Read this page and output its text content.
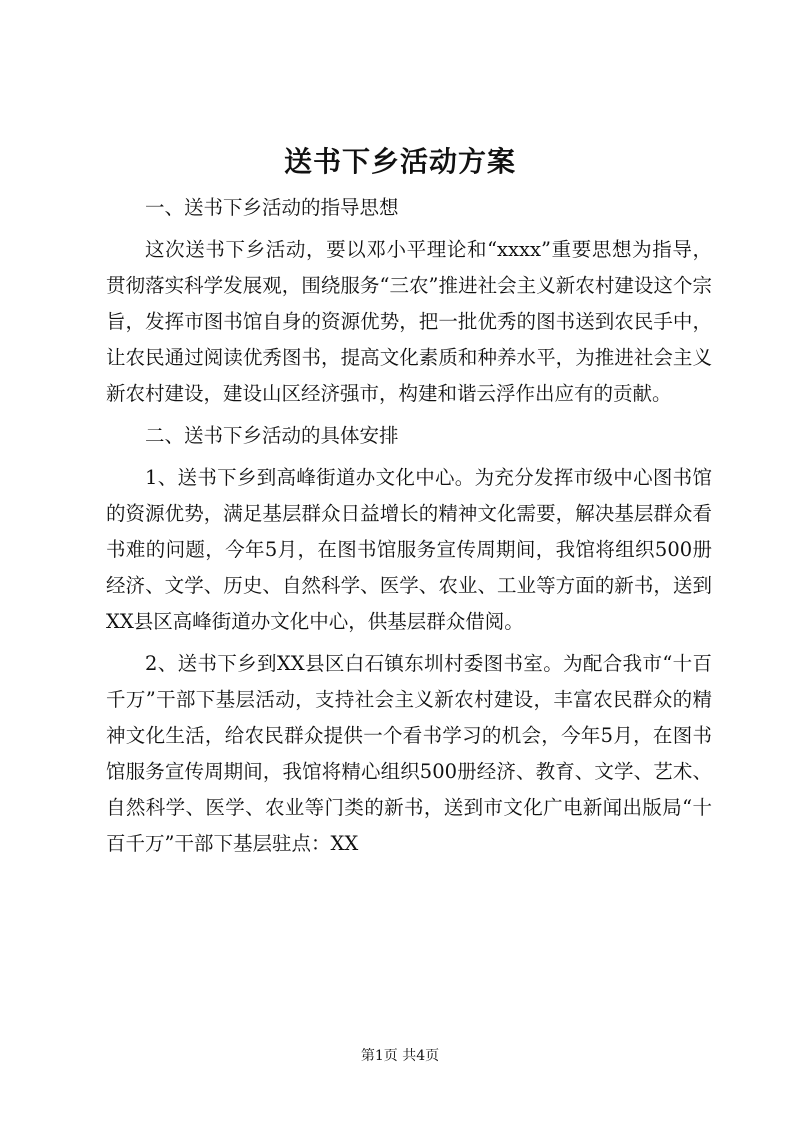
送书下乡活动方案

一、送书下乡活动的指导思想

这次送书下乡活动，要以邓小平理论和“xxxx”重要思想为指导，贯彻落实科学发展观，围绕服务“三农”推进社会主义新农村建设这个宗旨，发挥市图书馆自身的资源优势，把一批优秀的图书送到农民手中，让农民通过阅读优秀图书，提高文化素质和种养水平，为推进社会主义新农村建设，建设山区经济强市，构建和谐云浮作出应有的贡献。

二、送书下乡活动的具体安排

1、送书下乡到高峰街道办文化中心。为充分发挥市级中心图书馆的资源优势，满足基层群众日益增长的精神文化需要，解决基层群众看书难的问题，今年5月，在图书馆服务宣传周期间，我馆将组织500册经济、文学、历史、自然科学、医学、农业、工业等方面的新书，送到XX县区高峰街道办文化中心，供基层群众借阅。

2、送书下乡到XX县区白石镇东圳村委图书室。为配合我市“十百千万”干部下基层活动，支持社会主义新农村建设，丰富农民群众的精神文化生活，给农民群众提供一个看书学习的机会，今年5月，在图书馆服务宣传周期间，我馆将精心组织500册经济、教育、文学、艺术、自然科学、医学、农业等门类的新书，送到市文化广电新闻出版局“十百千万”干部下基层驻点：XX

第1页 共4页
